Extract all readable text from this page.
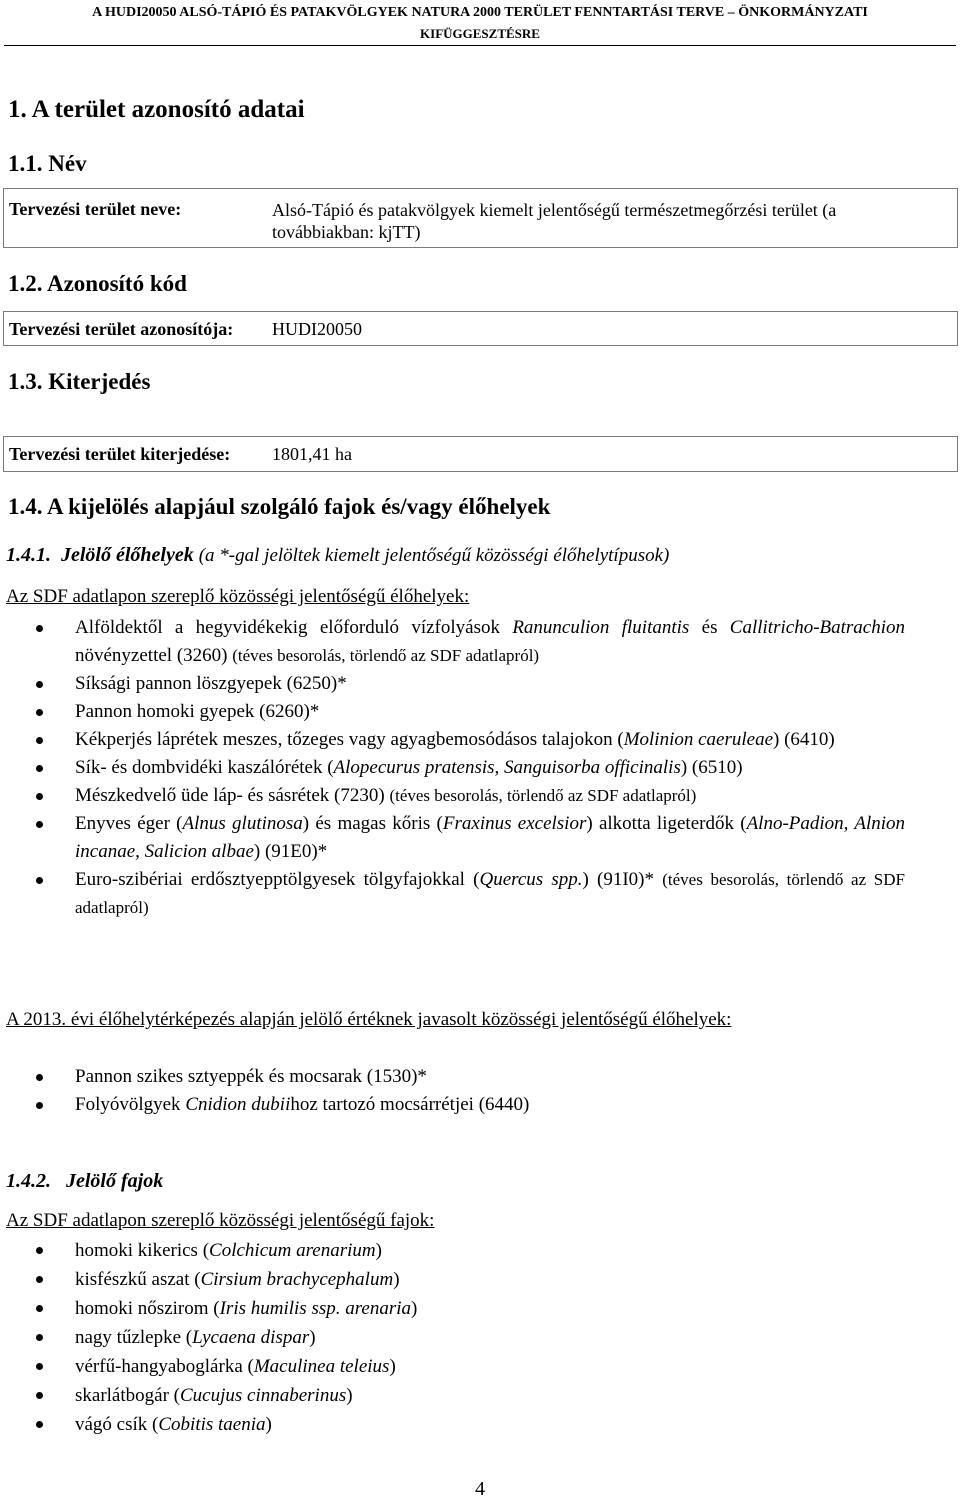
A HUDI20050 ALSÓ-TÁPIÓ ÉS PATAKVÖLGYEK NATURA 2000 TERÜLET FENNTARTÁSI TERVE – ÖNKORMÁNYZATI
KIFÜGGESZTÉSRE
1. A terület azonosító adatai
1.1. Név
Tervezési terület neve:	Alsó-Tápió és patakvölgyek kiemelt jelentőségű természetmegőrzési terület (a
továbbiakban: kjTT)
1.2. Azonosító kód
Tervezési terület azonosítója: HUDI20050
1.3. Kiterjedés
Tervezési terület kiterjedése: 1801,41 ha
1.4. A kijelölés alapjául szolgáló fajok és/vagy élőhelyek
1.4.1. Jelölő élőhelyek (a *-gal jelöltek kiemelt jelentőségű közösségi élőhelytípusok)
Az SDF adatlapon szereplő közösségi jelentőségű élőhelyek:
Alföldektől a hegyvidékekig előforduló vízfolyások Ranunculion fluitantis és Callitricho-Batrachion növényzettel (3260) (téves besorolás, törlendő az SDF adatlapról)
Síksági pannon löszgyepek (6250)*
Pannon homoki gyepek (6260)*
Kékperjés láprétek meszes, tőzeges vagy agyagbemosódásos talajokon (Molinion caeruleae) (6410)
Sík- és dombvidéki kaszálórétek (Alopecurus pratensis, Sanguisorba officinalis) (6510)
Mészkedvelő üde láp- és sásrétek (7230) (téves besorolás, törlendő az SDF adatlapról)
Enyves éger (Alnus glutinosa) és magas kőris (Fraxinus excelsior) alkotta ligeterdők (Alno-Padion, Alnion incanae, Salicion albae) (91E0)*
Euro-szibériai erdősztyepptölgyesek tölgyfajokkal (Quercus spp.) (91I0)* (téves besorolás, törlendő az SDF adatlapról)
A 2013. évi élőhelytérképezés alapján jelölő értéknek javasolt közösségi jelentőségű élőhelyek:
Pannon szikes sztyeppék és mocsarak (1530)*
Folyóvölgyek Cnidion dubiihoz tartozó mocsárrétjei (6440)
1.4.2. Jelölő fajok
Az SDF adatlapon szereplő közösségi jelentőségű fajok:
homoki kikerics (Colchicum arenarium)
kisfészkű aszat (Cirsium brachycephalum)
homoki nőszirom (Iris humilis ssp. arenaria)
nagy tűzlepke (Lycaena dispar)
vérfű-hangyaboglárka (Maculinea teleius)
skarlátbogár (Cucujus cinnaberinus)
vágó csík (Cobitis taenia)
4
